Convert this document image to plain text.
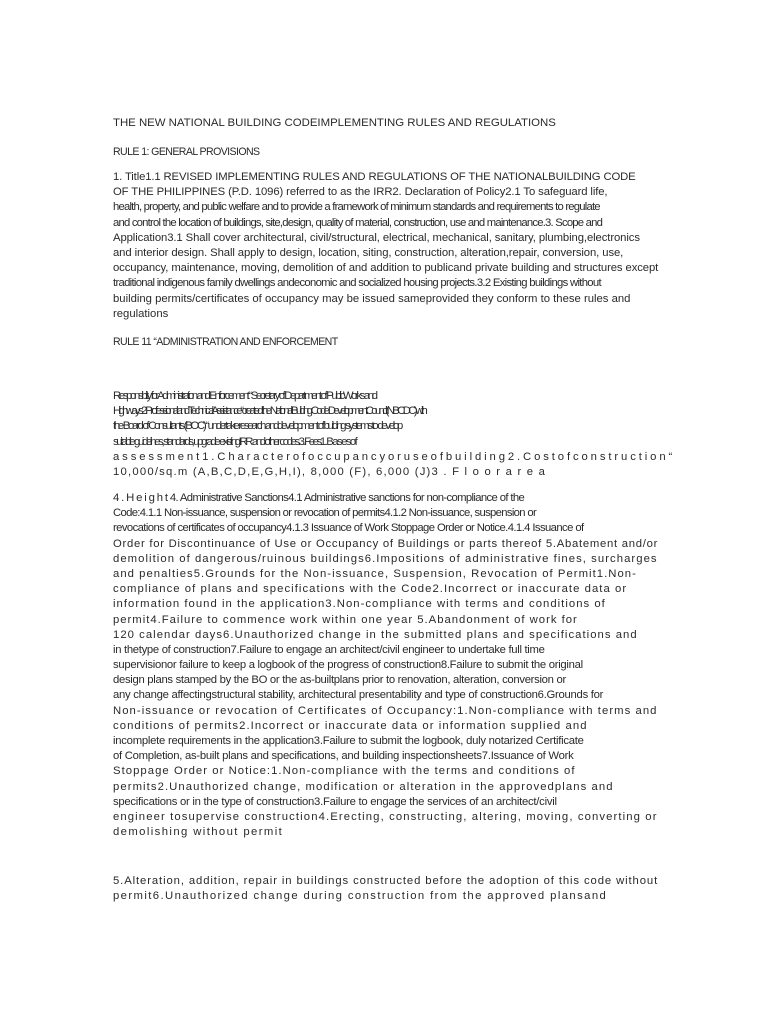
THE NEW NATIONAL BUILDING CODEIMPLEMENTING RULES AND REGULATIONS
RULE 1: GENERAL PROVISIONS
1. Title1.1 REVISED IMPLEMENTING RULES AND REGULATIONS OF THE NATIONALBUILDING CODE
OF THE PHILIPPINES (P.D. 1096) referred to as the IRR2. Declaration of Policy2.1 To safeguard life,
health, property, and public welfare and to provide a framework of minimum standards and requirements to regulate
and control the location of buildings, site,design, quality of material, construction, use and maintenance.3. Scope and
Application3.1 Shall cover architectural, civil/structural, electrical, mechanical, sanitary, plumbing,electronics
and interior design. Shall apply to design, location, siting, construction, alteration,repair, conversion, use,
occupancy, maintenance, moving, demolition of and addition to publicand private building and structures except
traditional indigenous family dwellings andeconomic and socialized housing projects.3.2 Existing buildings without
building permits/certificates of occupancy may be issued sameprovided they conform to these rules and
regulations
RULE 11 “ADMINISTRATION AND ENFORCEMENT
Responsibility for Administration and Enforcement “ Secretary of Department of PublicWorks and
Highways2.Professional and Technical Assistance “created the National Building Code DevelopmentCouncil (NBCDC) with
the Board of Consultants (BOC) “ undertake research anddevelopment of building systems to develop
suitable guidelines, standards, upgrade existingIRR and other codes.3. Fees1 . B a s e s o f
a s s e s s m e n t 1 . C h a r a c t e r o f o c c u p a n c y o r u s e o f b u i l d i n g 2 . C o s t o f c o n s t r u c t i o n “
10,000/sq.m (A,B,C,D,E,G,H,I), 8,000 (F), 6,000 (J)3 . F l o o r a r e a
4 . H e i g h t 4. Administrative Sanctions4.1 Administrative sanctions for non-compliance of the
Code:4.1.1 Non-issuance, suspension or revocation of permits4.1.2 Non-issuance, suspension or
revocations of certificates of occupancy4.1.3 Issuance of Work Stoppage Order or Notice.4.1.4 Issuance of
Order for Discontinuance of Use or Occupancy of Buildings or parts thereof 5.Abatement and/or
demolition of dangerous/ruinous buildings6.Impositions of administrative fines, surcharges
and penalties5.Grounds for the Non-issuance, Suspension, Revocation of Permit1.Non-
compliance of plans and specifications with the Code2.Incorrect or inaccurate data or
information found in the application3.Non-compliance with terms and conditions of
permit4.Failure to commence work within one year 5.Abandonment of work for
120 calendar days6.Unauthorized change in the submitted plans and specifications and
in thetype of construction7.Failure to engage an architect/civil engineer to undertake full time
supervisionor failure to keep a logbook of the progress of construction8.Failure to submit the original
design plans stamped by the BO or the as-builtplans prior to renovation, alteration, conversion or
any change affectingstructural stability, architectural presentability and type of construction6.Grounds for
Non-issuance or revocation of Certificates of Occupancy:1.Non-compliance with terms and
conditions of permits2.Incorrect or inaccurate data or information supplied and
incomplete requirements in the application3.Failure to submit the logbook, duly notarized Certificate
of Completion, as-built plans and specifications, and building inspectionsheets7.Issuance of Work
Stoppage Order or Notice:1.Non-compliance with the terms and conditions of
permits2.Unauthorized change, modification or alteration in the approvedplans and
specifications or in the type of construction3.Failure to engage the services of an architect/civil
engineer tosupervise construction4.Erecting, constructing, altering, moving, converting or
demolishing without permit
5.Alteration, addition, repair in buildings constructed before the adoption of this code without
permit6.Unauthorized change during construction from the approved plansand
